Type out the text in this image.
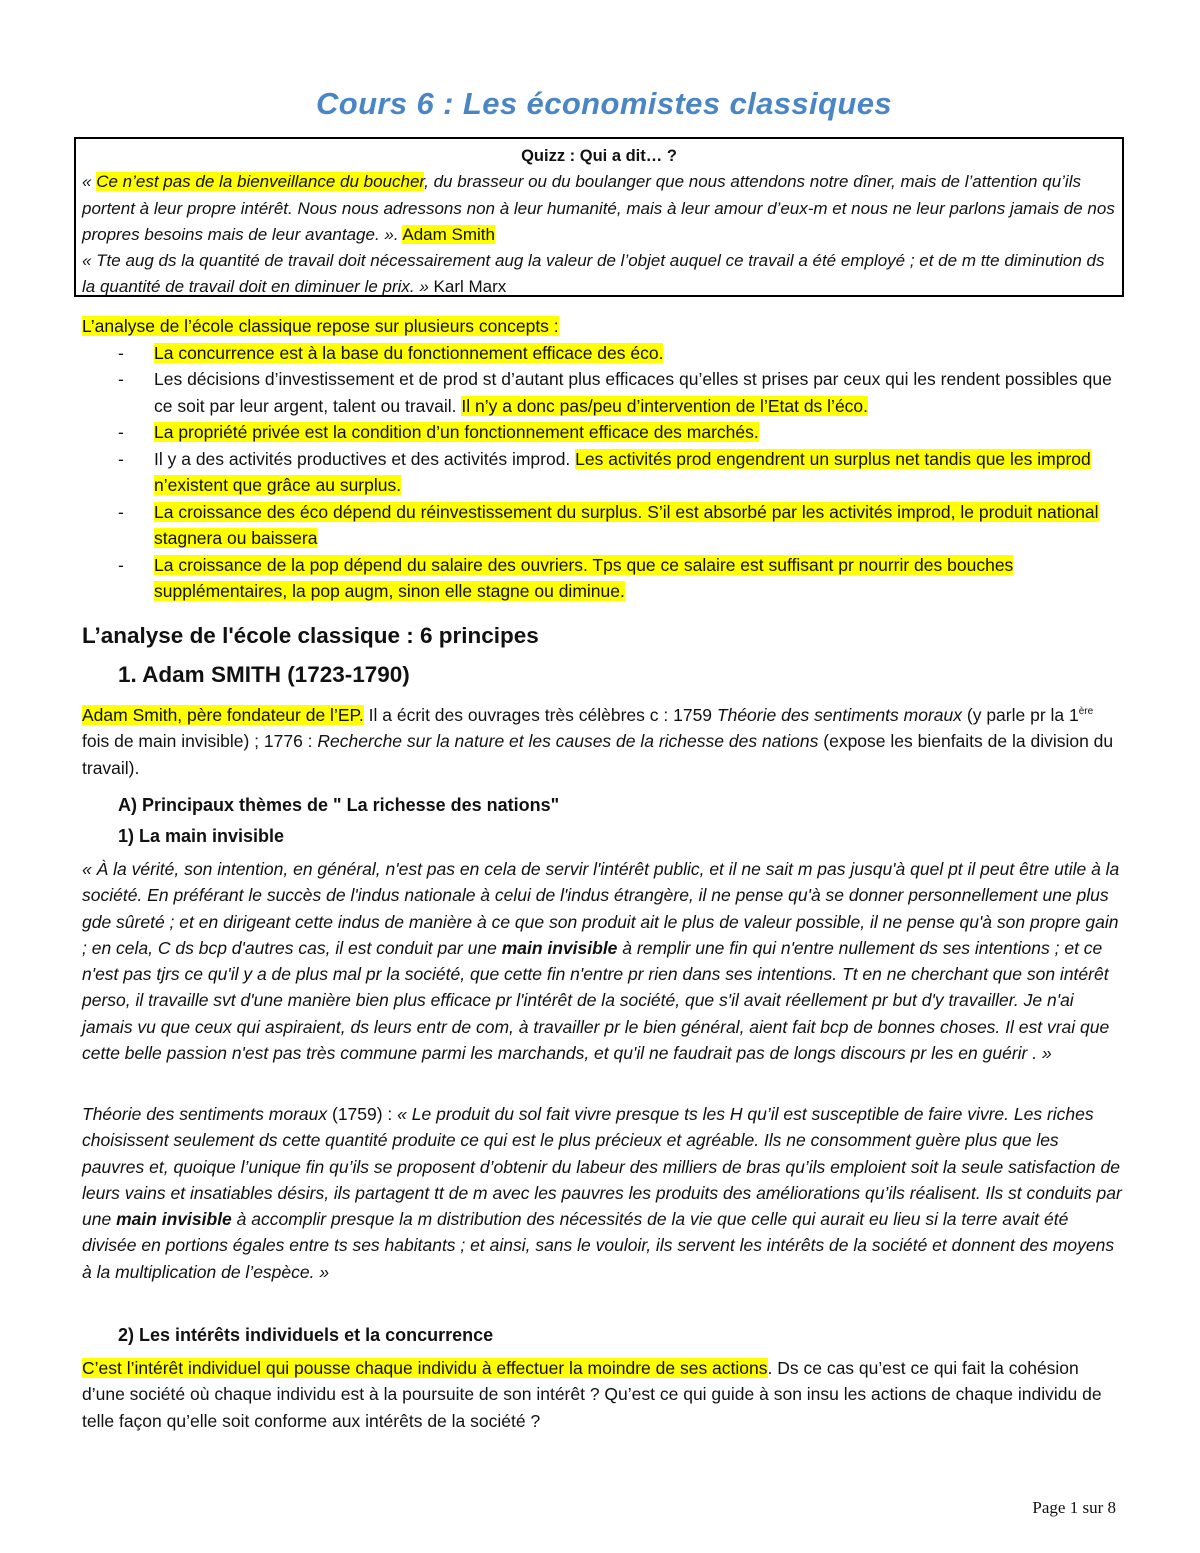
Cours 6 : Les économistes classiques
Quizz : Qui a dit… ?
« Ce n’est pas de la bienveillance du boucher, du brasseur ou du boulanger que nous attendons notre dîner, mais de l’attention qu’ils portent à leur propre intérêt. Nous nous adressons non à leur humanité, mais à leur amour d’eux-m et nous ne leur parlons jamais de nos propres besoins mais de leur avantage. ». Adam Smith
« Tte aug ds la quantité de travail doit nécessairement aug la valeur de l’objet auquel ce travail a été employé ; et de m tte diminution ds la quantité de travail doit en diminuer le prix. » Karl Marx
L’analyse de l’école classique repose sur plusieurs concepts :
- La concurrence est à la base du fonctionnement efficace des éco.
- Les décisions d’investissement et de prod st d’autant plus efficaces qu’elles st prises par ceux qui les rendent possibles que ce soit par leur argent, talent ou travail. Il n’y a donc pas/peu d’intervention de l’Etat ds l’éco.
- La propriété privée est la condition d’un fonctionnement efficace des marchés.
- Il y a des activités productives et des activités improd. Les activités prod engendrent un surplus net tandis que les improd n’existent que grâce au surplus.
- La croissance des éco dépend du réinvestissement du surplus. S’il est absorbé par les activités improd, le produit national stagnera ou baissera
- La croissance de la pop dépend du salaire des ouvriers. Tps que ce salaire est suffisant pr nourrir des bouches supplémentaires, la pop augm, sinon elle stagne ou diminue.
L’analyse de l'école classique : 6 principes
1. Adam SMITH (1723-1790)
Adam Smith, père fondateur de l’EP. Il a écrit des ouvrages très célèbres c : 1759 Théorie des sentiments moraux (y parle pr la 1ère fois de main invisible) ; 1776 : Recherche sur la nature et les causes de la richesse des nations (expose les bienfaits de la division du travail).
A) Principaux thèmes de " La richesse des nations"
1) La main invisible
« À la vérité, son intention, en général, n'est pas en cela de servir l'intérêt public, et il ne sait m pas jusqu'à quel pt il peut être utile à la société. En préférant le succès de l'indus nationale à celui de l'indus étrangère, il ne pense qu'à se donner personnellement une plus gde sûreté ; et en dirigeant cette indus de manière à ce que son produit ait le plus de valeur possible, il ne pense qu'à son propre gain ; en cela, C ds bcp d'autres cas, il est conduit par une main invisible à remplir une fin qui n'entre nullement ds ses intentions ; et ce n'est pas tjrs ce qu'il y a de plus mal pr la société, que cette fin n'entre pr rien dans ses intentions. Tt en ne cherchant que son intérêt perso, il travaille svt d'une manière bien plus efficace pr l'intérêt de la société, que s'il avait réellement pr but d'y travailler. Je n'ai jamais vu que ceux qui aspiraient, ds leurs entr de com, à travailler pr le bien général, aient fait bcp de bonnes choses. Il est vrai que cette belle passion n'est pas très commune parmi les marchands, et qu'il ne faudrait pas de longs discours pr les en guérir . »
Théorie des sentiments moraux (1759) : « Le produit du sol fait vivre presque ts les H qu’il est susceptible de faire vivre. Les riches choisissent seulement ds cette quantité produite ce qui est le plus précieux et agréable. Ils ne consomment guère plus que les pauvres et, quoique l’unique fin qu’ils se proposent d’obtenir du labeur des milliers de bras qu’ils emploient soit la seule satisfaction de leurs vains et insatiables désirs, ils partagent tt de m avec les pauvres les produits des améliorations qu’ils réalisent. Ils st conduits par une main invisible à accomplir presque la m distribution des nécessités de la vie que celle qui aurait eu lieu si la terre avait été divisée en portions égales entre ts ses habitants ; et ainsi, sans le vouloir, ils servent les intérêts de la société et donnent des moyens à la multiplication de l’espèce. »
2) Les intérêts individuels et la concurrence
C’est l’intérêt individuel qui pousse chaque individu à effectuer la moindre de ses actions. Ds ce cas qu’est ce qui fait la cohésion d’une société où chaque individu est à la poursuite de son intérêt ? Qu’est ce qui guide à son insu les actions de chaque individu de telle façon qu’elle soit conforme aux intérêts de la société ?
Page 1 sur 8
